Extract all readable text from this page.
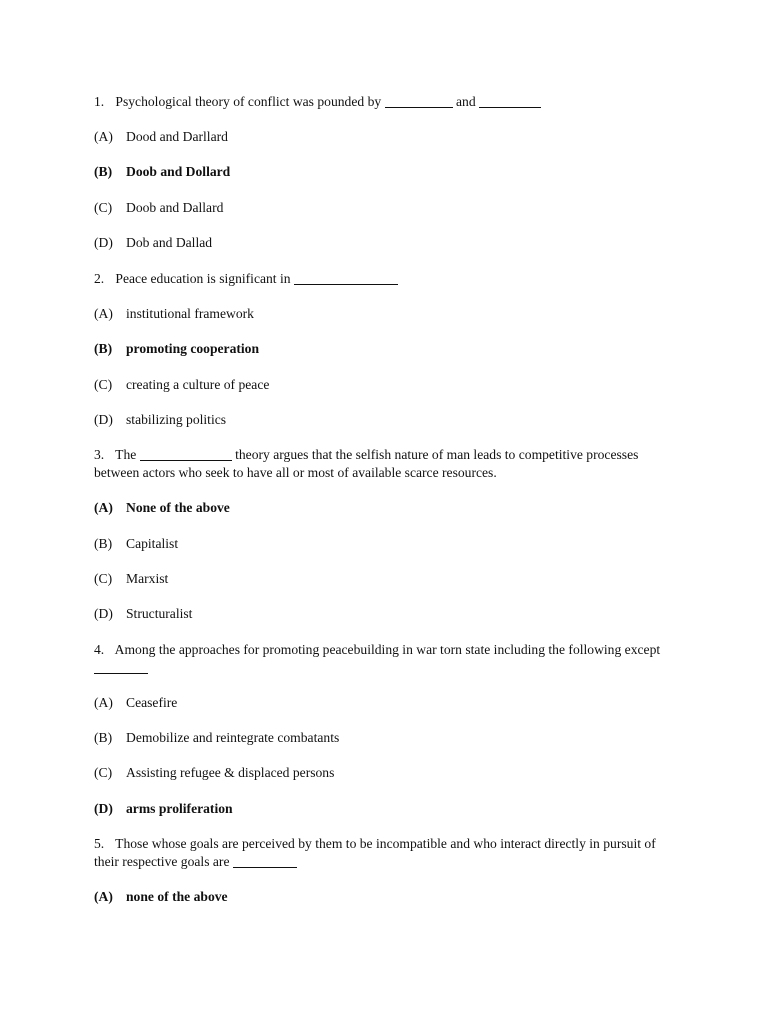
1. Psychological theory of conflict was pounded by	and
(A) Dood and Darllard
(B) Doob and Dollard
(C) Doob and Dallard
(D) Dob and Dallad
2. Peace education is significant in
(A) institutional framework
(B) promoting cooperation
(C) creating a culture of peace
(D) stabilizing politics
3. The	theory argues that the selfish nature of man leads to competitive processes
between actors who seek to have all or most of available scarce resources.
(A) None of the above
(B) Capitalist
(C) Marxist
(D) Structuralist
4. Among the approaches for promoting peacebuilding in war torn state including the following except
(A) Ceasefire
(B) Demobilize and reintegrate combatants
(C) Assisting refugee & displaced persons
(D) arms proliferation
5. Those whose goals are perceived by them to be incompatible and who interact directly in pursuit of
their respective goals are
(A) none of the above
